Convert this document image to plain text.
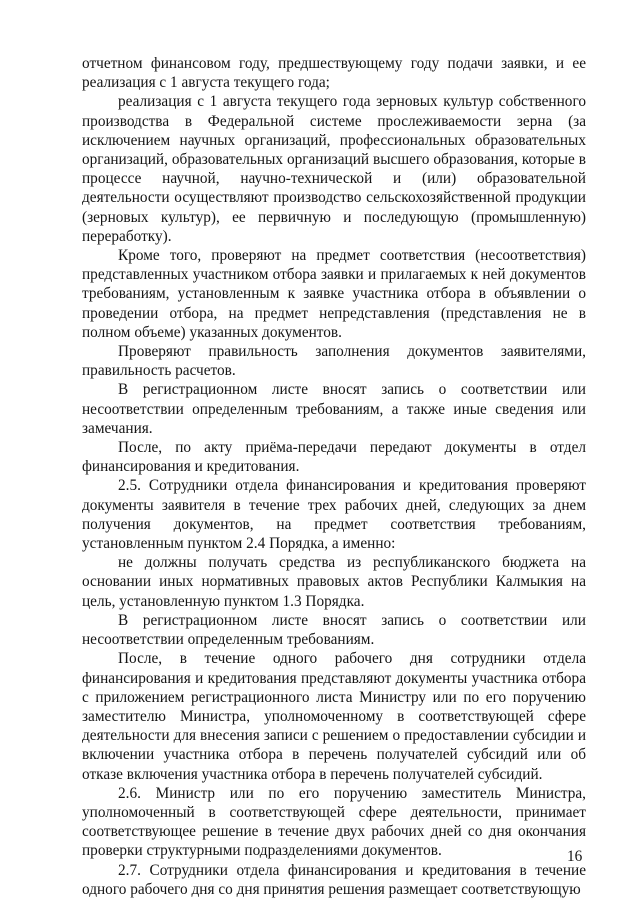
отчетном финансовом году, предшествующему году подачи заявки, и ее реализация с 1 августа текущего года;

реализация с 1 августа текущего года зерновых культур собственного производства в Федеральной системе прослеживаемости зерна (за исключением научных организаций, профессиональных образовательных организаций, образовательных организаций высшего образования, которые в процессе научной, научно-технической и (или) образовательной деятельности осуществляют производство сельскохозяйственной продукции (зерновых культур), ее первичную и последующую (промышленную) переработку).

Кроме того, проверяют на предмет соответствия (несоответствия) представленных участником отбора заявки и прилагаемых к ней документов требованиям, установленным к заявке участника отбора в объявлении о проведении отбора, на предмет непредставления (представления не в полном объеме) указанных документов.

Проверяют правильность заполнения документов заявителями, правильность расчетов.

В регистрационном листе вносят запись о соответствии или несоответствии определенным требованиям, а также иные сведения или замечания.

После, по акту приёма-передачи передают документы в отдел финансирования и кредитования.

2.5. Сотрудники отдела финансирования и кредитования проверяют документы заявителя в течение трех рабочих дней, следующих за днем получения документов, на предмет соответствия требованиям, установленным пунктом 2.4 Порядка, а именно:

не должны получать средства из республиканского бюджета на основании иных нормативных правовых актов Республики Калмыкия на цель, установленную пунктом 1.3 Порядка.

В регистрационном листе вносят запись о соответствии или несоответствии определенным требованиям.

После, в течение одного рабочего дня сотрудники отдела финансирования и кредитования представляют документы участника отбора с приложением регистрационного листа Министру или по его поручению заместителю Министра, уполномоченному в соответствующей сфере деятельности для внесения записи с решением о предоставлении субсидии и включении участника отбора в перечень получателей субсидий или об отказе включения участника отбора в перечень получателей субсидий.

2.6. Министр или по его поручению заместитель Министра, уполномоченный в соответствующей сфере деятельности, принимает соответствующее решение в течение двух рабочих дней со дня окончания проверки структурными подразделениями документов.

2.7. Сотрудники отдела финансирования и кредитования в течение одного рабочего дня со дня принятия решения размещает соответствующую

16
